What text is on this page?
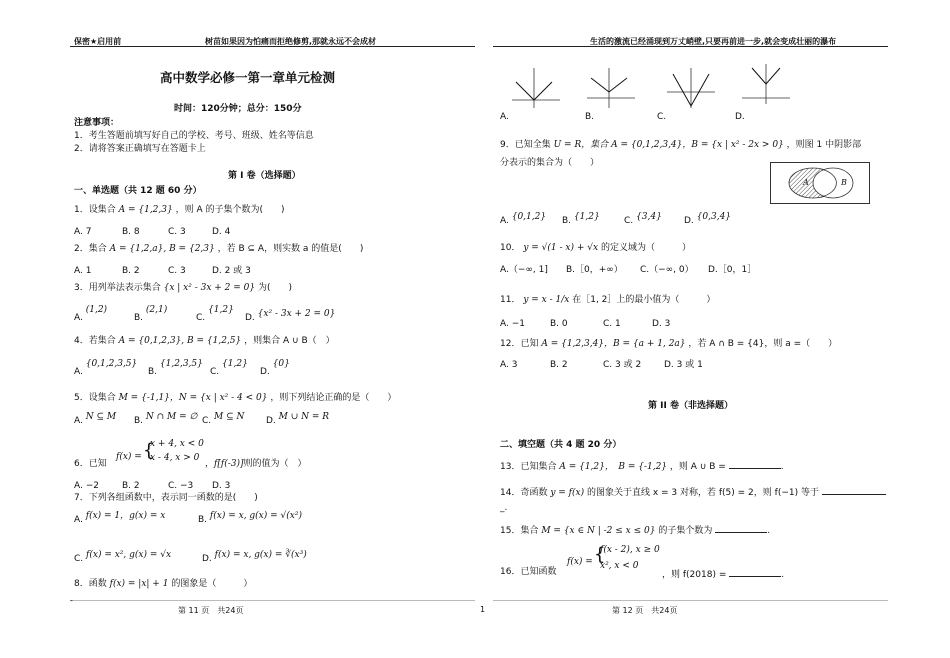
保密★启用前	树苗如果因为怕痛而拒绝修剪,那就永远不会成材	生活的激流已经涌现到万丈峭壁,只要再前进一步,就会变成壮丽的瀑布
高中数学必修一第一章单元检测
时间：120分钟；总分：150分
注意事项：
1．考生答题前填写好自己的学校、考号、班级、姓名等信息
2．请将答案正确填写在答题卡上
第 I 卷（选择题）
一、单选题（共 12 题 60 分）
1．设集合 A = {1,2,3} ，则 A 的子集个数为(　　)
A. 7	B. 8	C. 3	D. 4
2．集合 A = {1,2,a}, B = {2,3} ，若 B ⊆ A，则实数 a 的值是(　　)
A. 1	B. 2	C. 3	D. 2 或 3
3．用列举法表示集合 {x | x² - 3x + 2 = 0} 为(　　)
A. (1,2)
B. (2,1)
C. {1,2}
D. {x² - 3x + 2 = 0}
4．若集合 A = {0,1,2,3}, B = {1,2,5} ，则集合 A ∪ B（　）
A. {0,1,2,3,5}
B. {1,2,3,5}
C. {1,2}
D. {0}
5．设集合 M = {-1,1}，N = {x | x² - 4 < 0} ，则下列结论正确的是（　　）
A. N ⊆ M B. N ∩ M = ∅ C. M ⊆ N D. M ∪ N = R
6．已知
f(x) = {
x + 4, x < 0
x - 4, x > 0
，f[f(-3)]则的值为（　）
A. −2	B. 2	C. −3 D. 3
7．下列各组函数中，表示同一函数的是(　　)
A. f(x) = 1，g(x) = x	B. f(x) = x, g(x) = √(x²)
C. f(x) = x², g(x) = √x	D. f(x) = x, g(x) = ∛(x³)
8．函数 f(x) = |x| + 1 的图象是（　　　）
A.	B.	C.	D.
9．已知全集 U = R，集合 A = {0,1,2,3,4}，B = {x | x² - 2x > 0} ，则图 1 中阴影部
分表示的集合为（　　）
A	B
A. {0,1,2} B. {1,2}	C. {3,4} D. {0,3,4}
10． y = √(1 - x) + √x 的定义域为（　　　）
A.（−∞, 1] B.［0，+∞） C.（−∞, 0） D.［0，1］
11． y = x - 1/x 在［1, 2］上的最小值为（　　　）
A. −1	B. 0	C. 1	D. 3
12．已知 A = {1,2,3,4}，B = {a + 1, 2a} ，若 A ∩ B = {4}，则 a =（　　）
A. 3	B. 2	C. 3 或 2	D. 3 或 1
第 II 卷（非选择题）
二、填空题（共 4 题 20 分）
13．已知集合 A = {1,2}，　B = {-1,2} ，则 A ∪ B =	.
14．奇函数 y = f(x) 的图象关于直线 x = 3 对称，若 f(5) = 2，则 f(−1) 等于
_.
15．集合 M = {x ∈ N | -2 ≤ x ≤ 0} 的子集个数为	.
16．已知函数
f(x) = {
f(x - 2), x ≥ 0
x², x < 0
，则 f(2018) =	.
-
第 11 页　共24页	1	第 12 页　共24页
